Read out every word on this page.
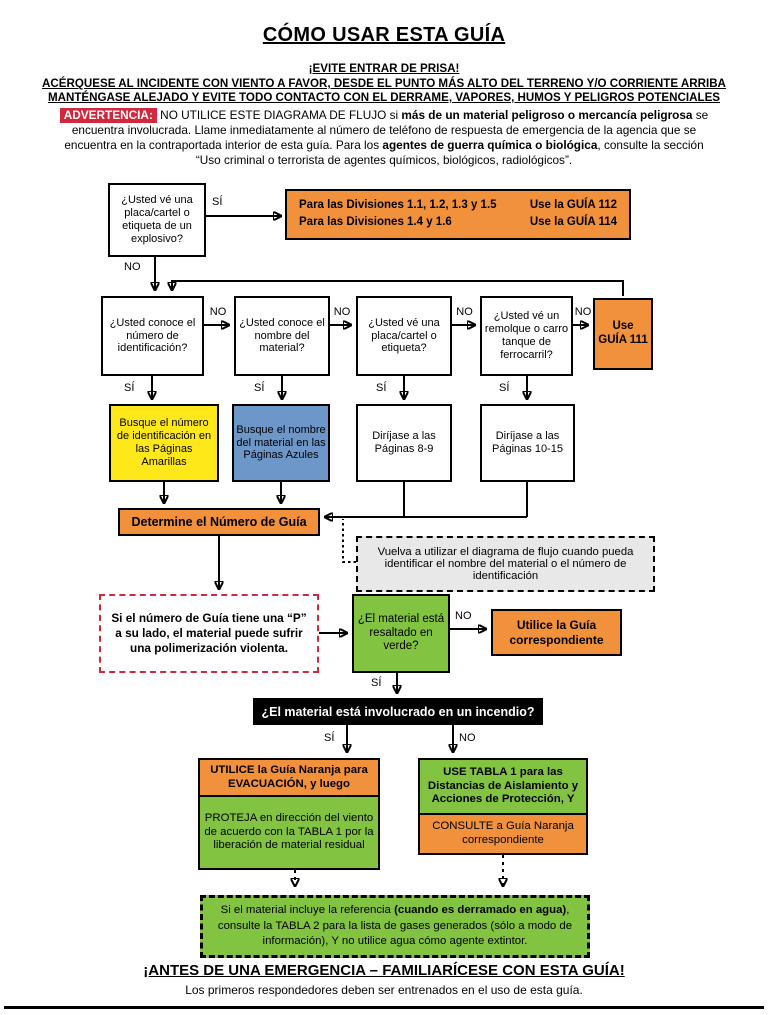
CÓMO USAR ESTA GUÍA
¡EVITE ENTRAR DE PRISA!
ACÉRQUESE AL INCIDENTE CON VIENTO A FAVOR, DESDE EL PUNTO MÁS ALTO DEL TERRENO Y/O CORRIENTE ARRIBA
MANTÉNGASE ALEJADO Y EVITE TODO CONTACTO CON EL DERRAME, VAPORES, HUMOS Y PELIGROS POTENCIALES

ADVERTENCIA: NO UTILICE ESTE DIAGRAMA DE FLUJO si más de un material peligroso o mercancía peligrosa se encuentra involucrada. Llame inmediatamente al número de teléfono de respuesta de emergencia de la agencia que se encuentra en la contraportada interior de esta guía. Para los agentes de guerra química o biológica, consulte la sección “Uso criminal o terrorista de agentes químicos, biológicos, radiológicos”.

¿Usted vé una placa/cartel o etiqueta de un explosivo?
Para las Divisiones 1.1, 1.2, 1.3 y 1.5	Use la GUÍA 112
Para las Divisiones 1.4 y 1.6	Use la GUÍA 114
SÍ
NO
¿Usted conoce el número de identificación?
¿Usted conoce el nombre del material?
¿Usted vé una placa/cartel o etiqueta?
¿Usted vé un remolque o carro tanque de ferrocarril?
Use GUÍA 111
NO	NO	NO	NO
SÍ	SÍ	SÍ	SÍ
Busque el número de identificación en las Páginas Amarillas
Busque el nombre del material en las Páginas Azules
Diríjase a las Páginas 8-9
Diríjase a las Páginas 10-15
Determine el Número de Guía
Vuelva a utilizar el diagrama de flujo cuando pueda identificar el nombre del material o el número de identificación
Si el número de Guía tiene una “P” a su lado, el material puede sufrir una polimerización violenta.
¿El material está resaltado en verde?
Utilice la Guía correspondiente
NO
SÍ
¿El material está involucrado en un incendio?
SÍ	NO
UTILICE la Guía Naranja para EVACUACIÓN, y luego
PROTEJA en dirección del viento de acuerdo con la TABLA 1 por la liberación de material residual
USE TABLA 1 para las Distancias de Aislamiento y Acciones de Protección, Y
CONSULTE a Guía Naranja correspondiente
Si el material incluye la referencia (cuando es derramado en agua), consulte la TABLA 2 para la lista de gases generados (sólo a modo de información), Y no utilice agua cómo agente extintor.
¡ANTES DE UNA EMERGENCIA – FAMILIARÍCESE CON ESTA GUÍA!
Los primeros respondedores deben ser entrenados en el uso de esta guía.
